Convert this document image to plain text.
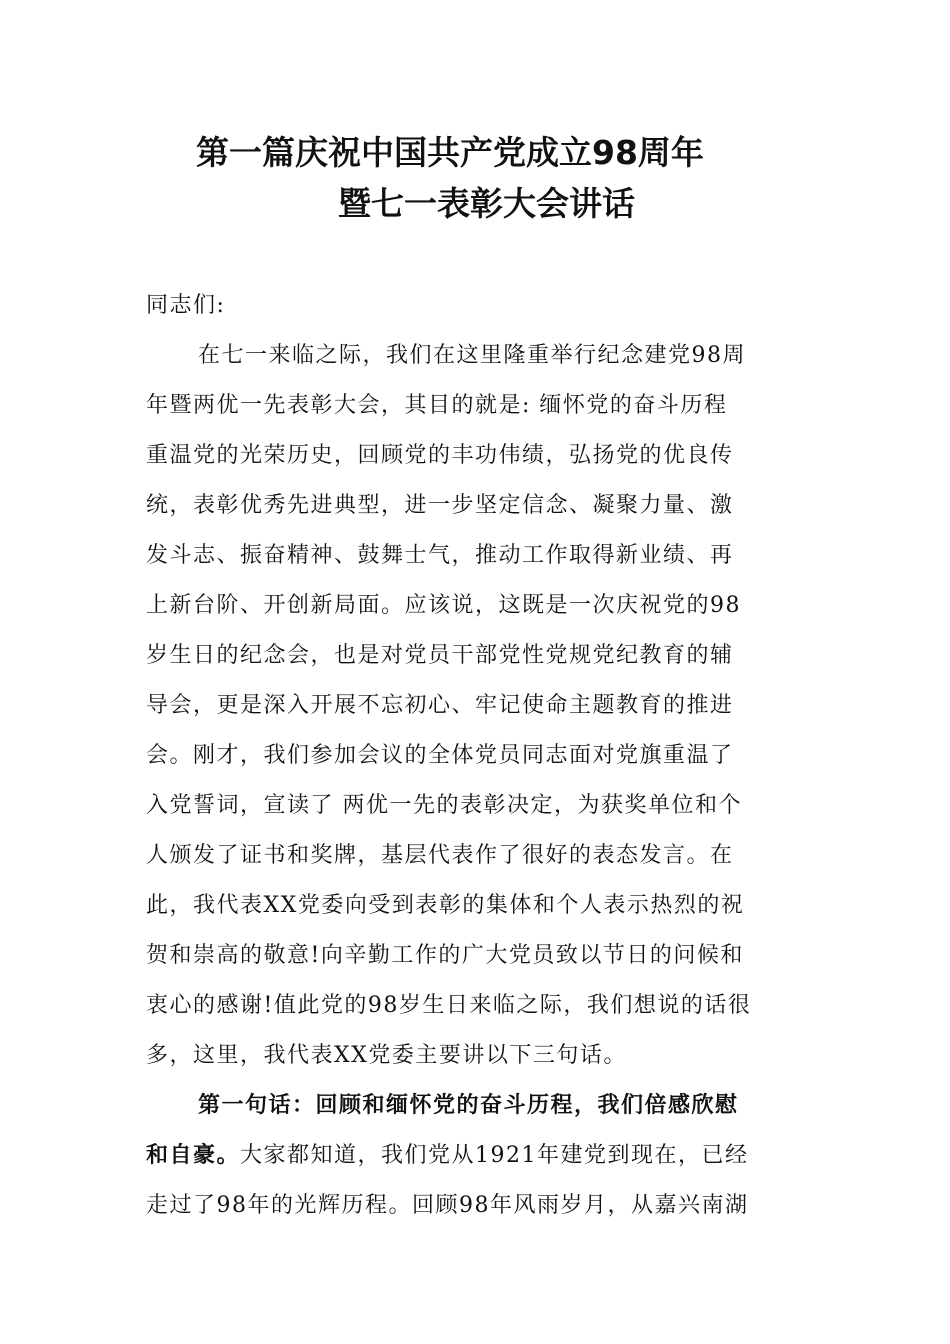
第一篇庆祝中国共产党成立98周年
暨七一表彰大会讲话
同志们:
在七一来临之际，我们在这里隆重举行纪念建党98周
年暨两优一先表彰大会，其目的就是: 缅怀党的奋斗历程
重温党的光荣历史，回顾党的丰功伟绩，弘扬党的优良传
统，表彰优秀先进典型，进一步坚定信念、凝聚力量、激
发斗志、振奋精神、鼓舞士气，推动工作取得新业绩、再
上新台阶、开创新局面。应该说，这既是一次庆祝党的98
岁生日的纪念会，也是对党员干部党性党规党纪教育的辅
导会，更是深入开展不忘初心、牢记使命主题教育的推进
会。刚才，我们参加会议的全体党员同志面对党旗重温了
入党誓词，宣读了 两优一先的表彰决定，为获奖单位和个
人颁发了证书和奖牌，基层代表作了很好的表态发言。在
此，我代表XX党委向受到表彰的集体和个人表示热烈的祝
贺和崇高的敬意!向辛勤工作的广大党员致以节日的问候和
衷心的感谢!值此党的98岁生日来临之际，我们想说的话很
多，这里，我代表XX党委主要讲以下三句话。
第一句话：回顾和缅怀党的奋斗历程，我们倍感欣慰
和自豪。大家都知道，我们党从1921年建党到现在，已经
走过了98年的光辉历程。回顾98年风雨岁月，从嘉兴南湖
